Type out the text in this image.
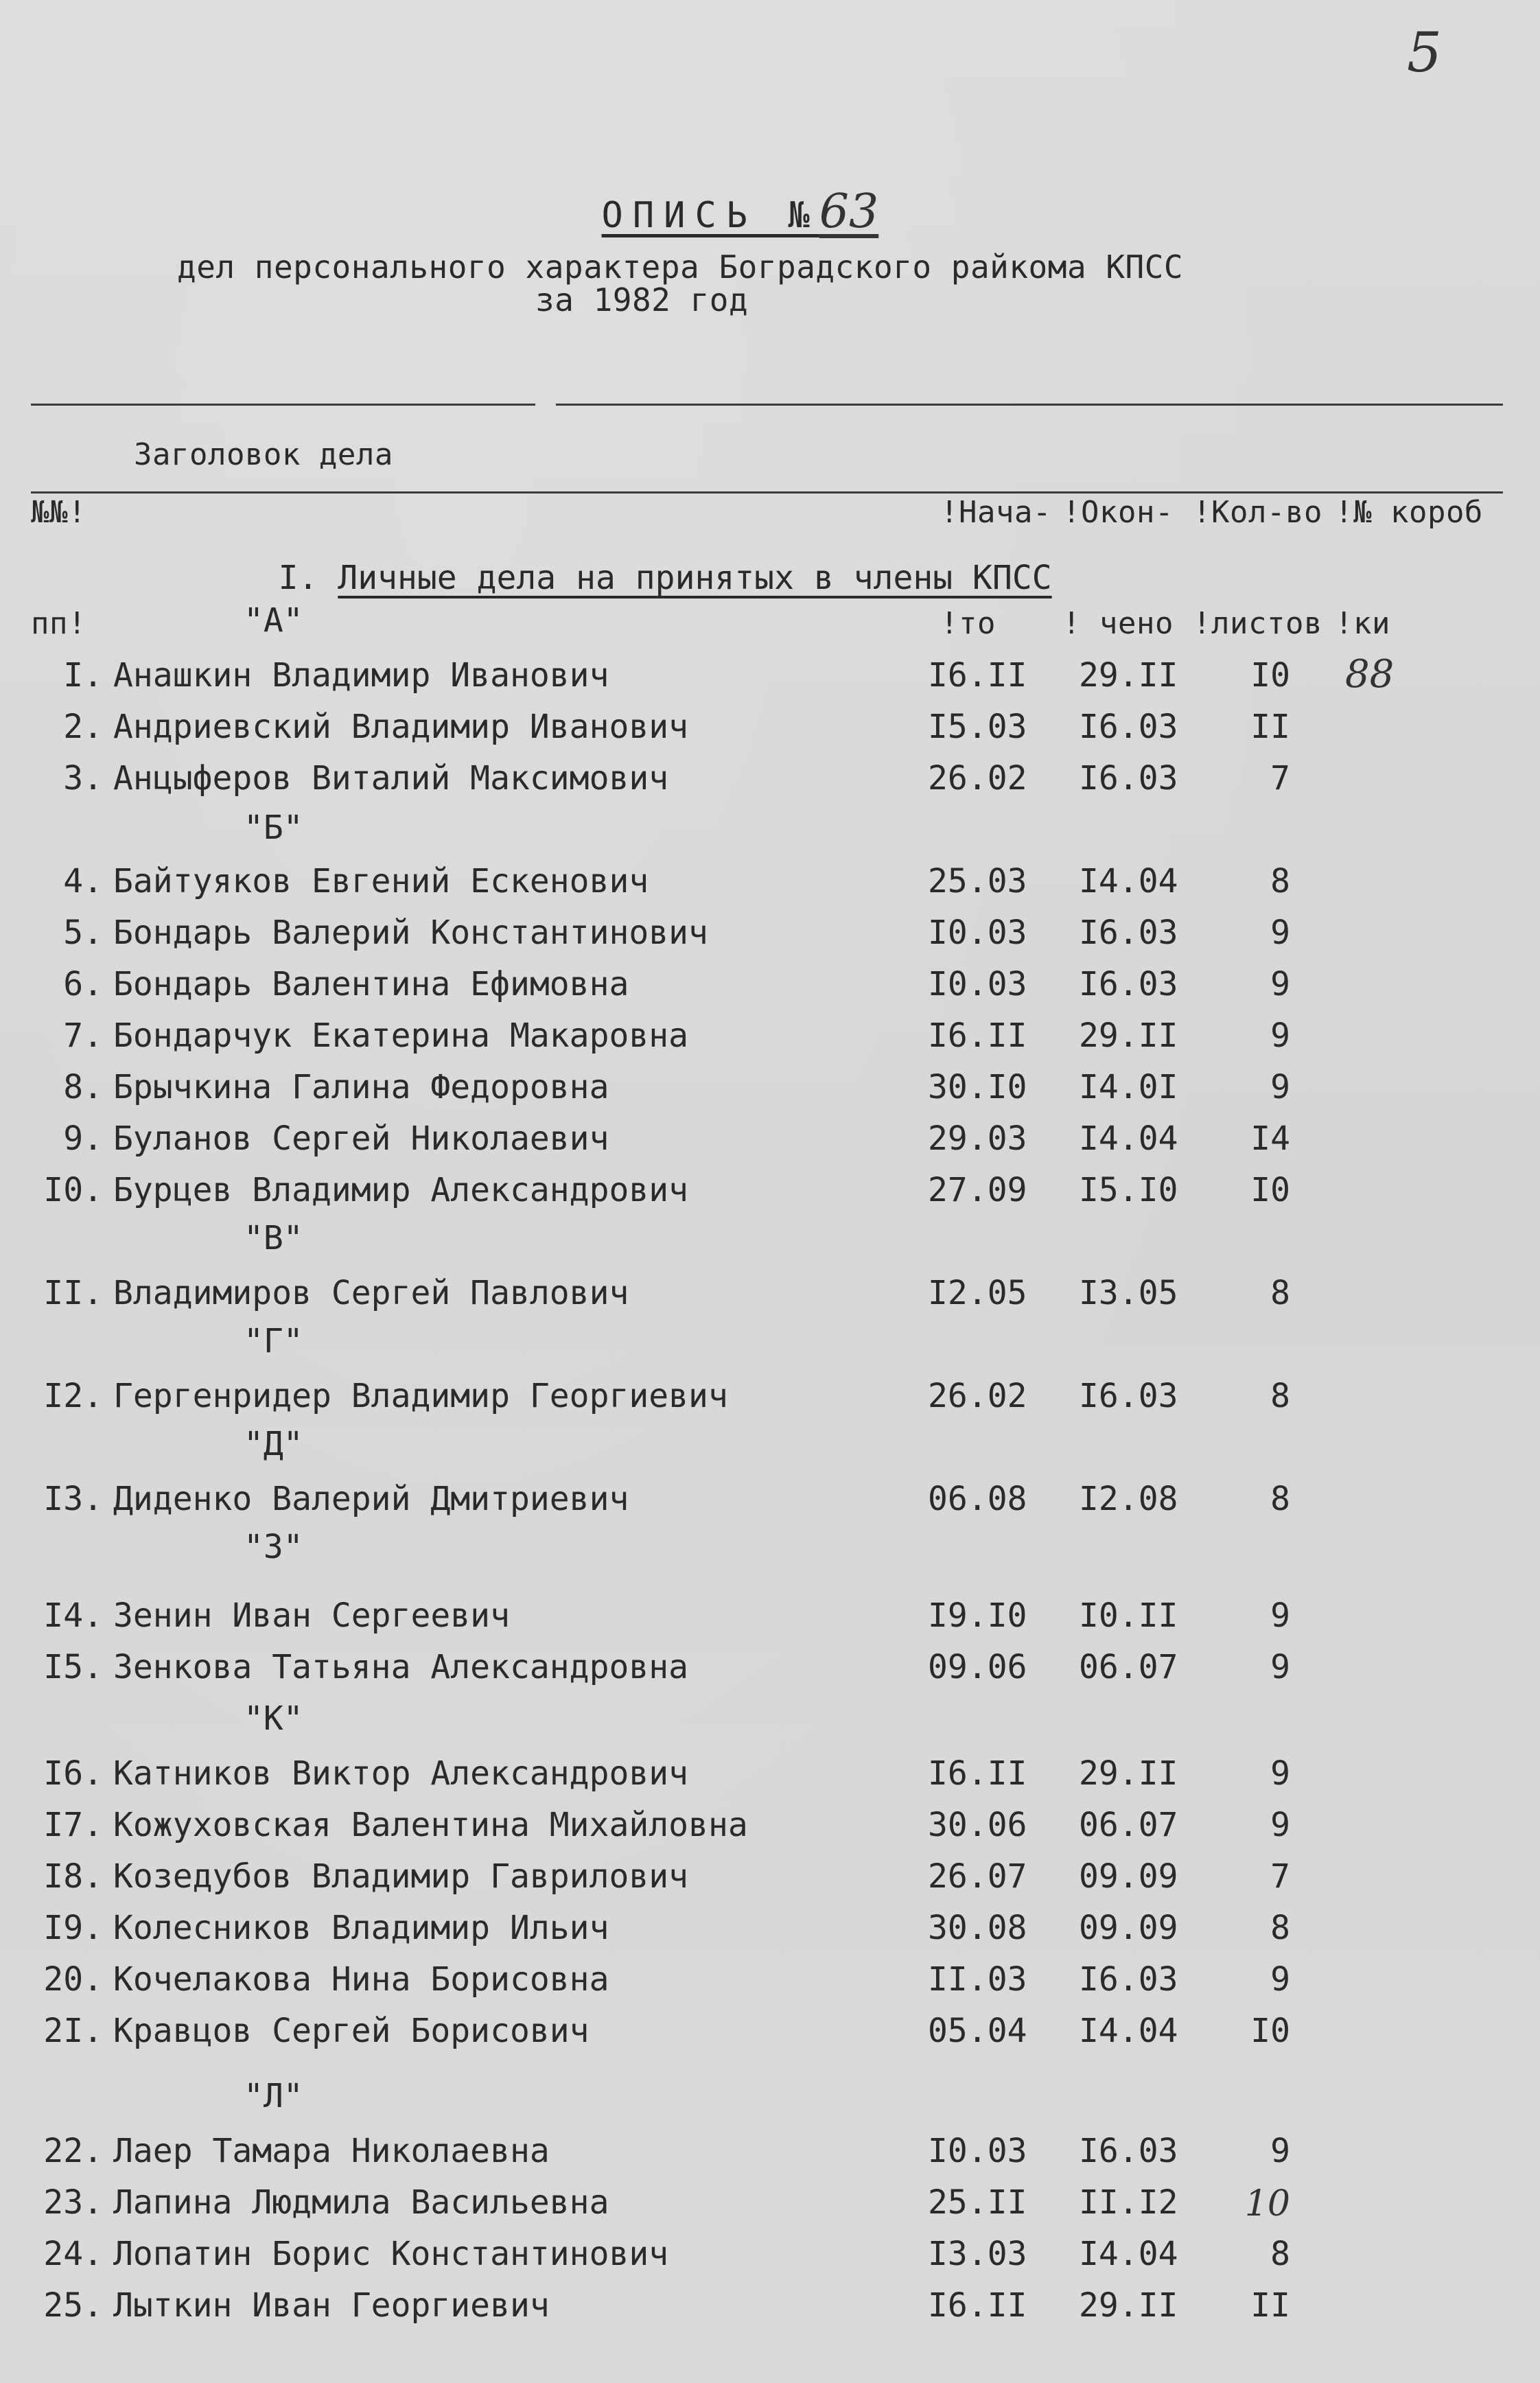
5

ОПИСЬ №63

дел персонального характера Боградского райкома КПСС
за 1982 год

№№!

пп!

Заголовок дела

!Нача-

!то

!Окон-

! чено

!Кол-во

!листов

!№ короб

!ки

I. Личные дела на принятых в члены КПСС

"А"
"Б"
"В"
"Г"
"Д"
"З"
"К"
"Л"
I. Анашкин Владимир Иванович	I6.II 29.II	I0 88
2. Андриевский Владимир Иванович	I5.03 I6.03	II
3. Анцыферов Виталий Максимович	26.02 I6.03	7
4. Байтуяков Евгений Ескенович	25.03 I4.04	8
5. Бондарь Валерий Константинович	I0.03 I6.03	9
6. Бондарь Валентина Ефимовна	I0.03 I6.03	9
7. Бондарчук Екатерина Макаровна	I6.II 29.II	9
8. Брычкина Галина Федоровна	30.I0 I4.0I	9
9. Буланов Сергей Николаевич	29.03 I4.04	I4
I0. Бурцев Владимир Александрович	27.09 I5.I0	I0
II. Владимиров Сергей Павлович	I2.05 I3.05	8
I2. Гергенридер Владимир Георгиевич	26.02 I6.03	8
I3. Диденко Валерий Дмитриевич	06.08 I2.08	8
I4. Зенин Иван Сергеевич	I9.I0 I0.II	9
I5. Зенкова Татьяна Александровна	09.06 06.07	9
I6. Катников Виктор Александрович	I6.II 29.II	9
I7. Кожуховская Валентина Михайловна	30.06 06.07	9
I8. Козедубов Владимир Гаврилович	26.07 09.09	7
I9. Колесников Владимир Ильич	30.08 09.09	8
20. Кочелакова Нина Борисовна	II.03 I6.03	9
2I. Кравцов Сергей Борисович	05.04 I4.04	I0
22. Лаер Тамара Николаевна	I0.03 I6.03	9
23. Лапина Людмила Васильевна	25.II II.I2 10
24. Лопатин Борис Константинович	I3.03 I4.04	8
25. Лыткин Иван Георгиевич	I6.II 29.II	II
